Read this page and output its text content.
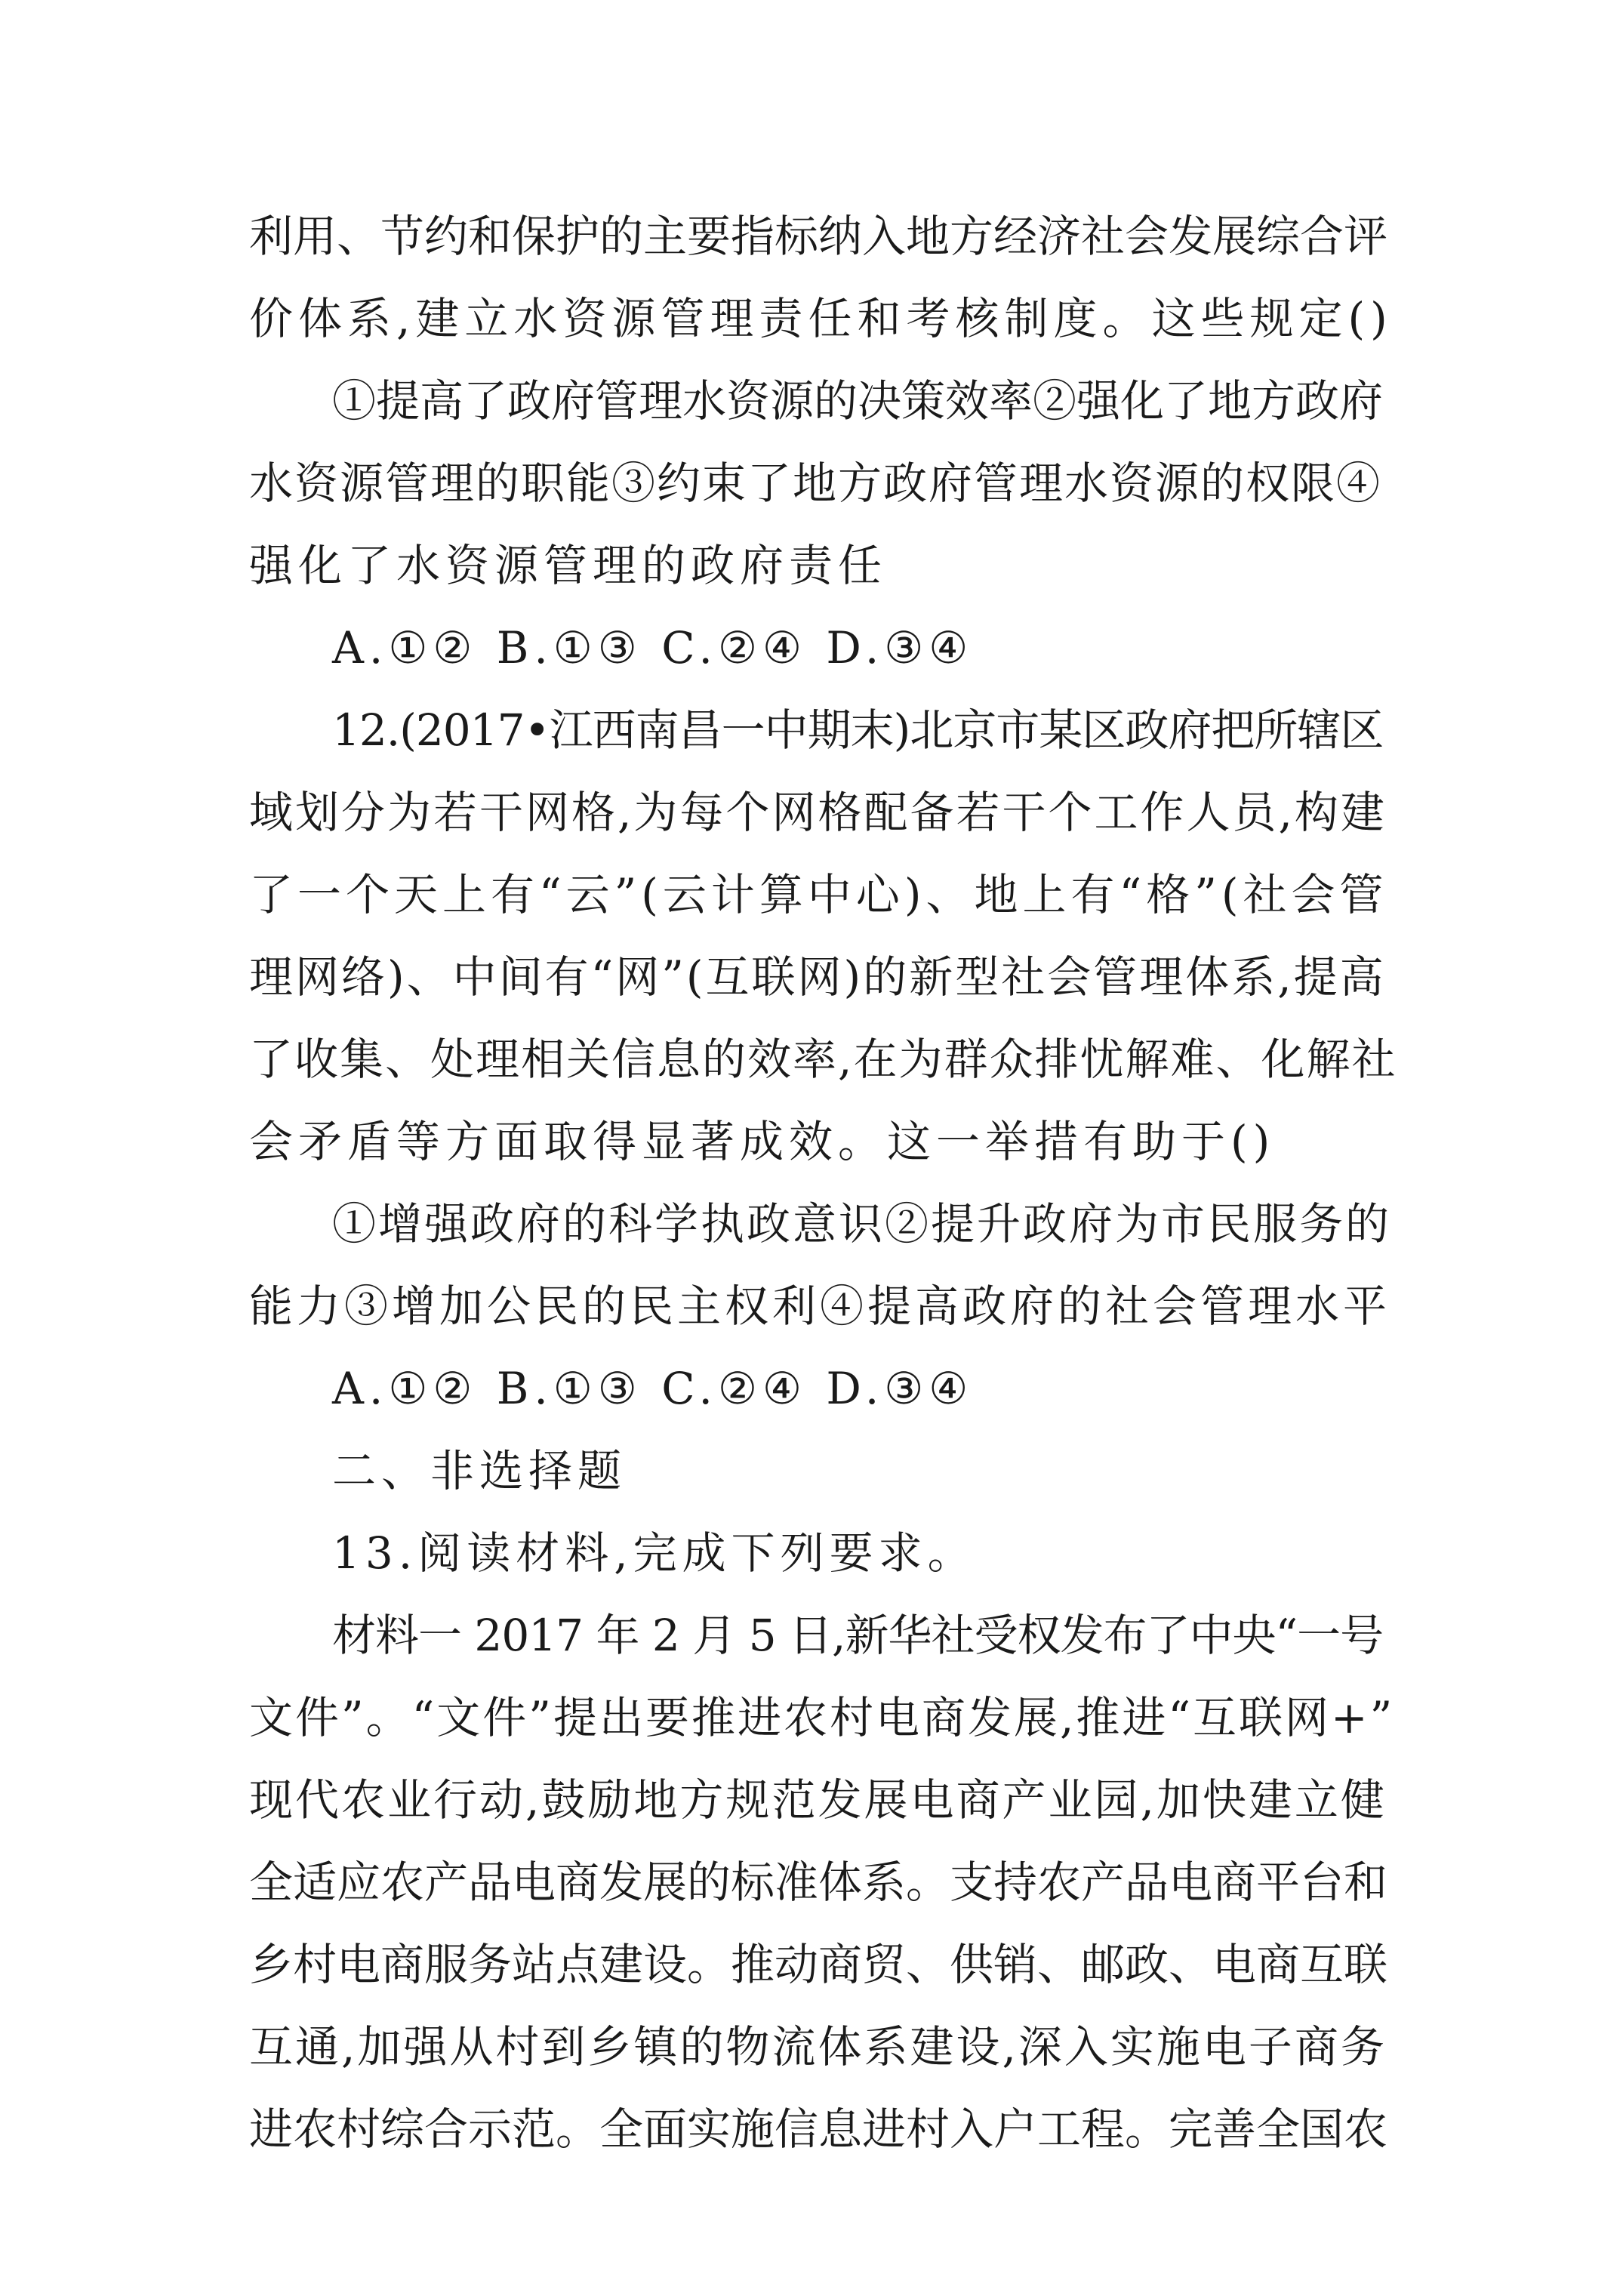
利用、节约和保护的主要指标纳入地方经济社会发展综合评
价体系,建立水资源管理责任和考核制度。这些规定()
①提高了政府管理水资源的决策效率②强化了地方政府
水资源管理的职能③约束了地方政府管理水资源的权限④
强化了水资源管理的政府责任
A.①② B.①③ C.②④ D.③④
12.(2017•江西南昌一中期末)北京市某区政府把所辖区
域划分为若干网格,为每个网格配备若干个工作人员,构建
了一个天上有“云”(云计算中心)、地上有“格”(社会管
理网络)、中间有“网”(互联网)的新型社会管理体系,提高
了收集、处理相关信息的效率,在为群众排忧解难、化解社
会矛盾等方面取得显著成效。这一举措有助于()
①增强政府的科学执政意识②提升政府为市民服务的
能力③增加公民的民主权利④提高政府的社会管理水平
A.①② B.①③ C.②④ D.③④
二、非选择题
13.阅读材料,完成下列要求。
材料一 2017 年 2 月 5 日,新华社受权发布了中央“一号
文件”。“文件”提出要推进农村电商发展,推进“互联网+”
现代农业行动,鼓励地方规范发展电商产业园,加快建立健
全适应农产品电商发展的标准体系。支持农产品电商平台和
乡村电商服务站点建设。推动商贸、供销、邮政、电商互联
互通,加强从村到乡镇的物流体系建设,深入实施电子商务
进农村综合示范。全面实施信息进村入户工程。完善全国农
